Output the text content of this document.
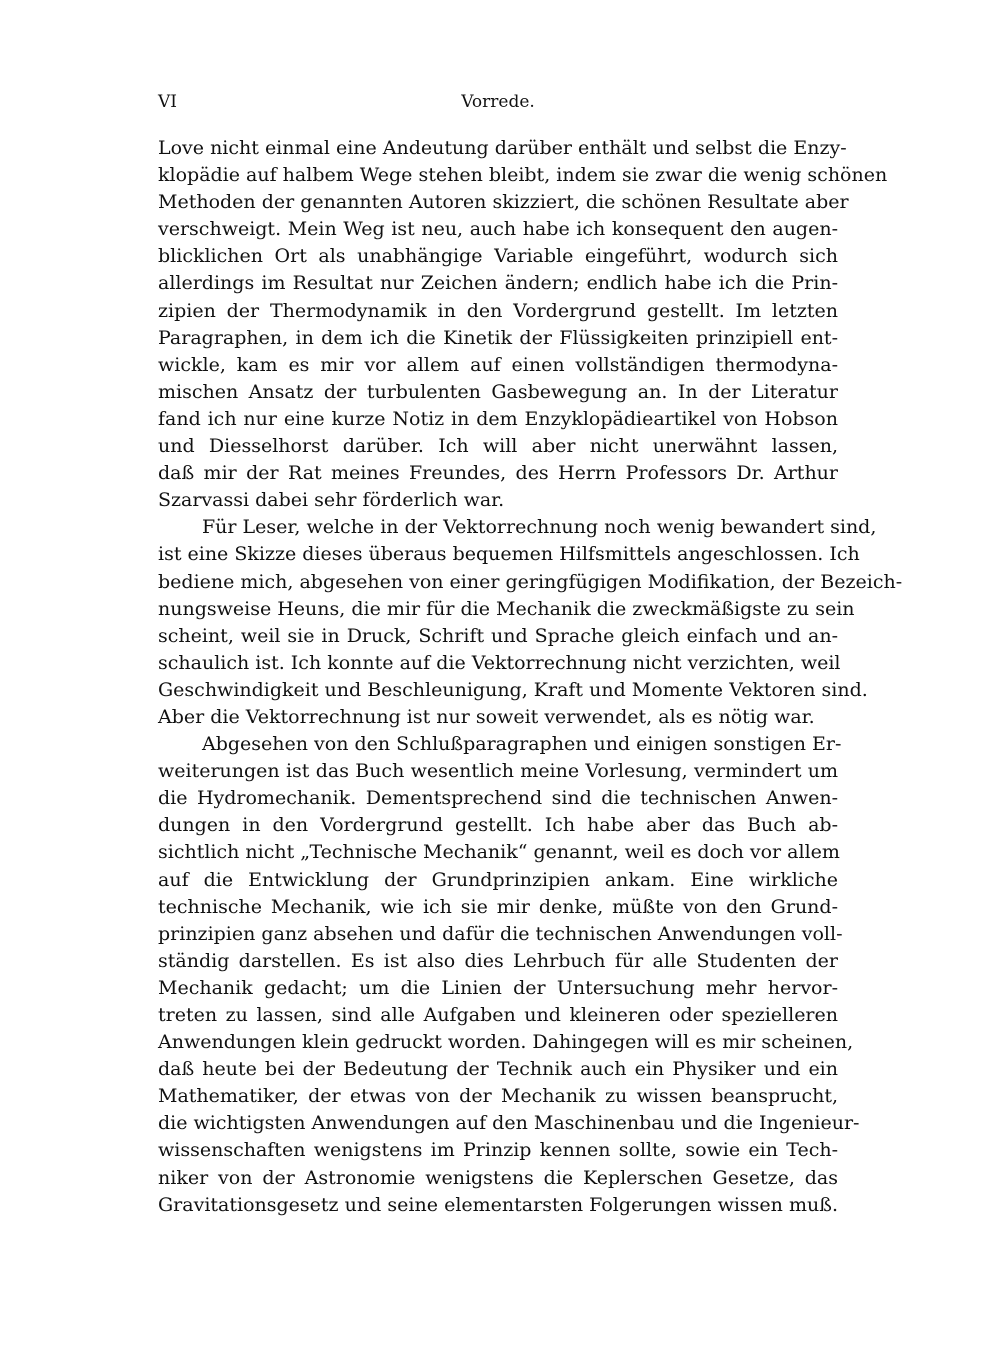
VI	Vorrede.
Love nicht einmal eine Andeutung darüber enthält und selbst die Enzy-
klopädie auf halbem Wege stehen bleibt, indem sie zwar die wenig schönen
Methoden der genannten Autoren skizziert, die schönen Resultate aber
verschweigt. Mein Weg ist neu, auch habe ich konsequent den augen-
blicklichen Ort als unabhängige Variable eingeführt, wodurch sich
allerdings im Resultat nur Zeichen ändern; endlich habe ich die Prin-
zipien der Thermodynamik in den Vordergrund gestellt. Im letzten
Paragraphen, in dem ich die Kinetik der Flüssigkeiten prinzipiell ent-
wickle, kam es mir vor allem auf einen vollständigen thermodyna-
mischen Ansatz der turbulenten Gasbewegung an. In der Literatur
fand ich nur eine kurze Notiz in dem Enzyklopädieartikel von Hobson
und Diesselhorst darüber. Ich will aber nicht unerwähnt lassen,
daß mir der Rat meines Freundes, des Herrn Professors Dr. Arthur
Szarvassi dabei sehr förderlich war.
Für Leser, welche in der Vektorrechnung noch wenig bewandert sind,
ist eine Skizze dieses überaus bequemen Hilfsmittels angeschlossen. Ich
bediene mich, abgesehen von einer geringfügigen Modifikation, der Bezeich-
nungsweise Heuns, die mir für die Mechanik die zweckmäßigste zu sein
scheint, weil sie in Druck, Schrift und Sprache gleich einfach und an-
schaulich ist. Ich konnte auf die Vektorrechnung nicht verzichten, weil
Geschwindigkeit und Beschleunigung, Kraft und Momente Vektoren sind.
Aber die Vektorrechnung ist nur soweit verwendet, als es nötig war.
Abgesehen von den Schlußparagraphen und einigen sonstigen Er-
weiterungen ist das Buch wesentlich meine Vorlesung, vermindert um
die Hydromechanik. Dementsprechend sind die technischen Anwen-
dungen in den Vordergrund gestellt. Ich habe aber das Buch ab-
sichtlich nicht „Technische Mechanik“ genannt, weil es doch vor allem
auf die Entwicklung der Grundprinzipien ankam. Eine wirkliche
technische Mechanik, wie ich sie mir denke, müßte von den Grund-
prinzipien ganz absehen und dafür die technischen Anwendungen voll-
ständig darstellen. Es ist also dies Lehrbuch für alle Studenten der
Mechanik gedacht; um die Linien der Untersuchung mehr hervor-
treten zu lassen, sind alle Aufgaben und kleineren oder spezielleren
Anwendungen klein gedruckt worden. Dahingegen will es mir scheinen,
daß heute bei der Bedeutung der Technik auch ein Physiker und ein
Mathematiker, der etwas von der Mechanik zu wissen beansprucht,
die wichtigsten Anwendungen auf den Maschinenbau und die Ingenieur-
wissenschaften wenigstens im Prinzip kennen sollte, sowie ein Tech-
niker von der Astronomie wenigstens die Keplerschen Gesetze, das
Gravitationsgesetz und seine elementarsten Folgerungen wissen muß.
